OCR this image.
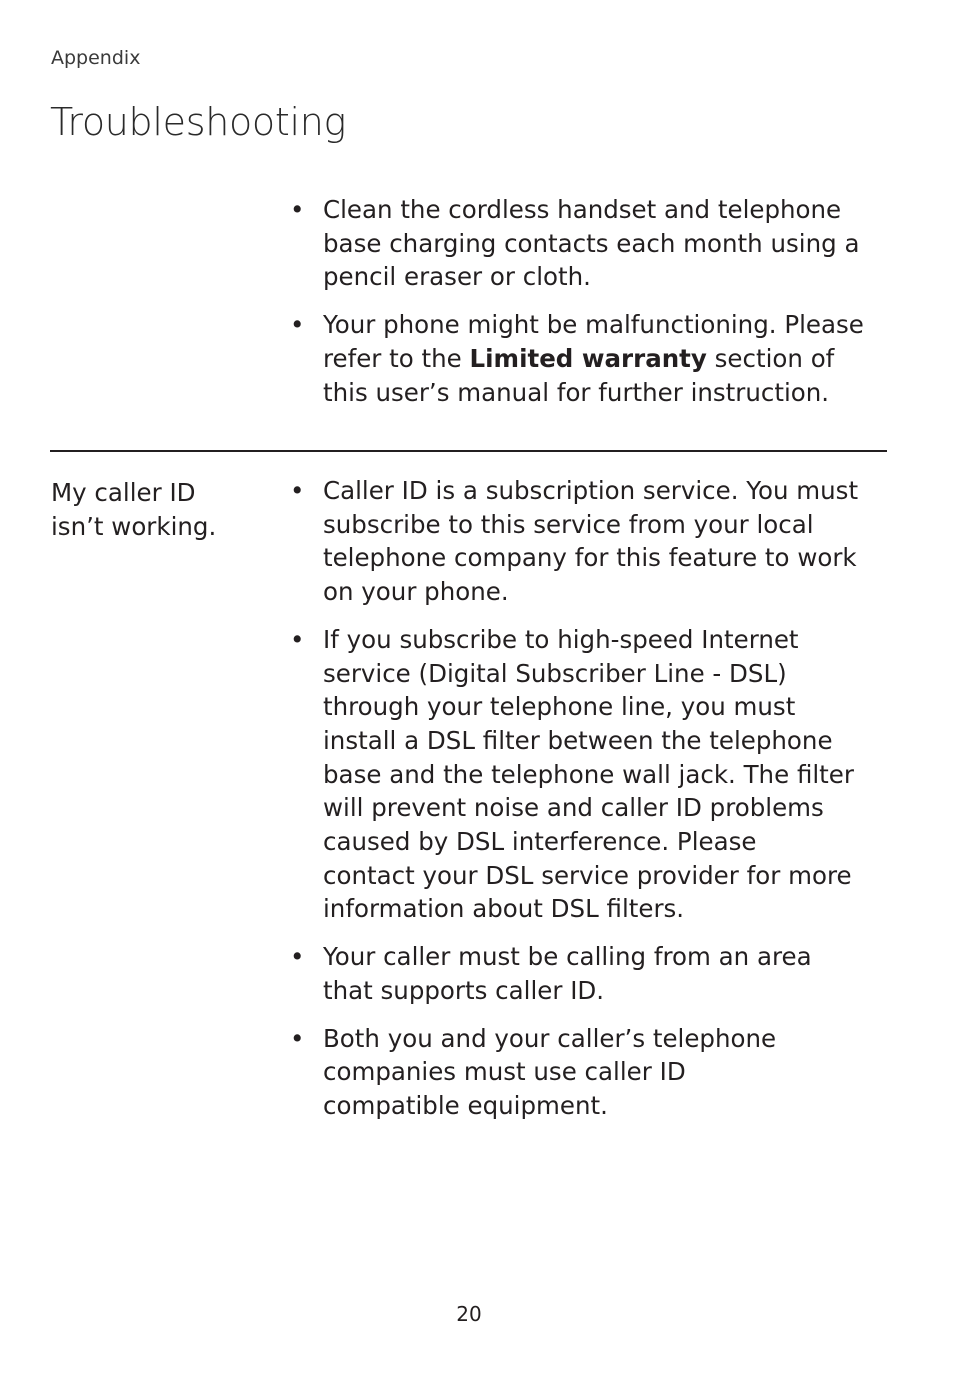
Appendix
Troubleshooting
• Clean the cordless handset and telephone
base charging contacts each month using a
pencil eraser or cloth.
• Your phone might be malfunctioning. Please
refer to the Limited warranty section of
this user’s manual for further instruction.
My caller ID
isn’t working.
• Caller ID is a subscription service. You must
subscribe to this service from your local
telephone company for this feature to work
on your phone.
• If you subscribe to high-speed Internet
service (Digital Subscriber Line - DSL)
through your telephone line, you must
install a DSL filter between the telephone
base and the telephone wall jack. The filter
will prevent noise and caller ID problems
caused by DSL interference. Please
contact your DSL service provider for more
information about DSL filters.
• Your caller must be calling from an area
that supports caller ID.
• Both you and your caller’s telephone
companies must use caller ID
compatible equipment.
20
